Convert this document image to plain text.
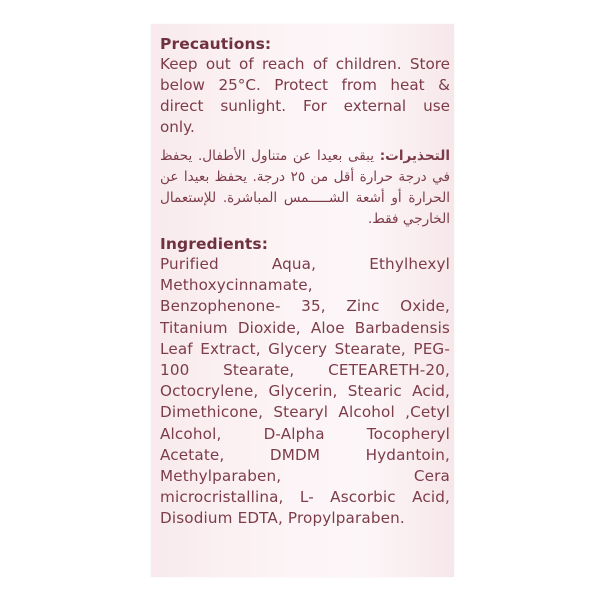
Precautions:
Keep out of reach of children. Store
below 25°C. Protect from heat &
direct sunlight. For external use
only.
التحذيرات: يبقى بعيدا عن متناول الأطفال. يحفظ
في درجة حرارة أقل من ٢٥ درجة. يحفظ بعيدا عن
الحرارة أو أشعة الشـــــمس المباشرة. للإستعمال
الخارجي فقط.
Ingredients:
Purified Aqua, Ethylhexyl
Methoxycinnamate,
Benzophenone- 35, Zinc Oxide,
Titanium Dioxide, Aloe Barbadensis
Leaf Extract, Glycery Stearate, PEG-
100 Stearate, CETEARETH-20,
Octocrylene, Glycerin, Stearic Acid,
Dimethicone, Stearyl Alcohol ,Cetyl
Alcohol, D-Alpha Tocopheryl
Acetate, DMDM Hydantoin,
Methylparaben, Cera
microcristallina, L- Ascorbic Acid,
Disodium EDTA, Propylparaben.
